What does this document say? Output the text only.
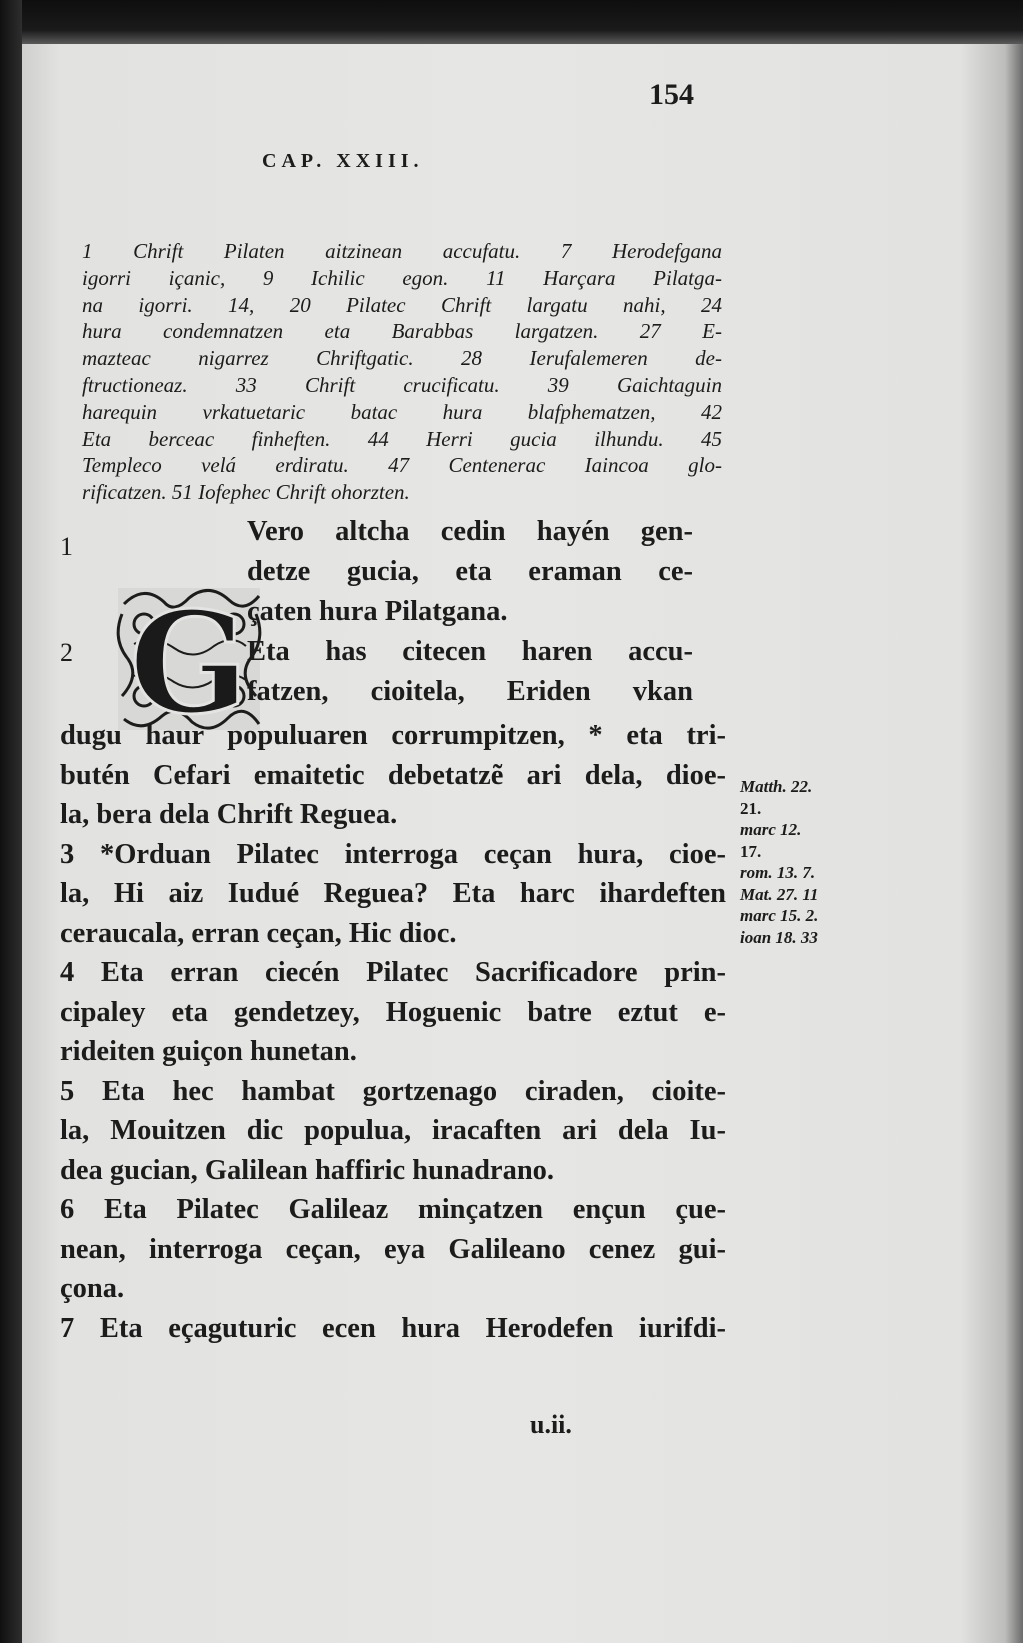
154
CAP. XXIII.
1 Chrift Pilaten aitzinean accufatu. 7 Herodefgana
igorri içanic, 9 Ichilic egon. 11 Harçara Pilatga-
na igorri. 14, 20 Pilatec Chrift largatu nahi, 24
hura condemnatzen eta Barabbas largatzen. 27 E-
mazteac nigarrez Chriftgatic. 28 Ierufalemeren de-
ftructioneaz. 33 Chrift crucificatu. 39 Gaichtaguin
harequin vrkatuetaric batac hura blafphematzen, 42
Eta berceac finheften. 44 Herri gucia ilhundu. 45
Templeco velá erdiratu. 47 Centenerac Iaincoa glo-
rificatzen. 51 Iofephec Chrift ohorzten.
G
1
2
Vero altcha cedin hayén gen-
detze gucia, eta eraman ce-
çaten hura Pilatgana.
Eta has citecen haren accu-
fatzen, cioitela, Eriden vkan
dugu haur populuaren corrumpitzen, * eta tri-
butén Cefari emaitetic debetatzẽ ari dela, dioe-
la, bera dela Chrift Reguea.
3 *Orduan Pilatec interroga ceçan hura, cioe-
la, Hi aiz Iudué Reguea? Eta harc ihardeften
ceraucala, erran ceçan, Hic dioc.
4 Eta erran ciecén Pilatec Sacrificadore prin-
cipaley eta gendetzey, Hoguenic batre eztut e-
rideiten guiçon hunetan.
5 Eta hec hambat gortzenago ciraden, cioite-
la, Mouitzen dic populua, iracaften ari dela Iu-
dea gucian, Galilean haffiric hunadrano.
6 Eta Pilatec Galileaz minçatzen ençun çue-
nean, interroga ceçan, eya Galileano cenez gui-
çona.
7 Eta eçaguturic ecen hura Herodefen iurifdi-
Matth. 22.
21.
marc 12.
17.
rom. 13. 7.
Mat. 27. 11
marc 15. 2.
ioan 18. 33
u.ii.
